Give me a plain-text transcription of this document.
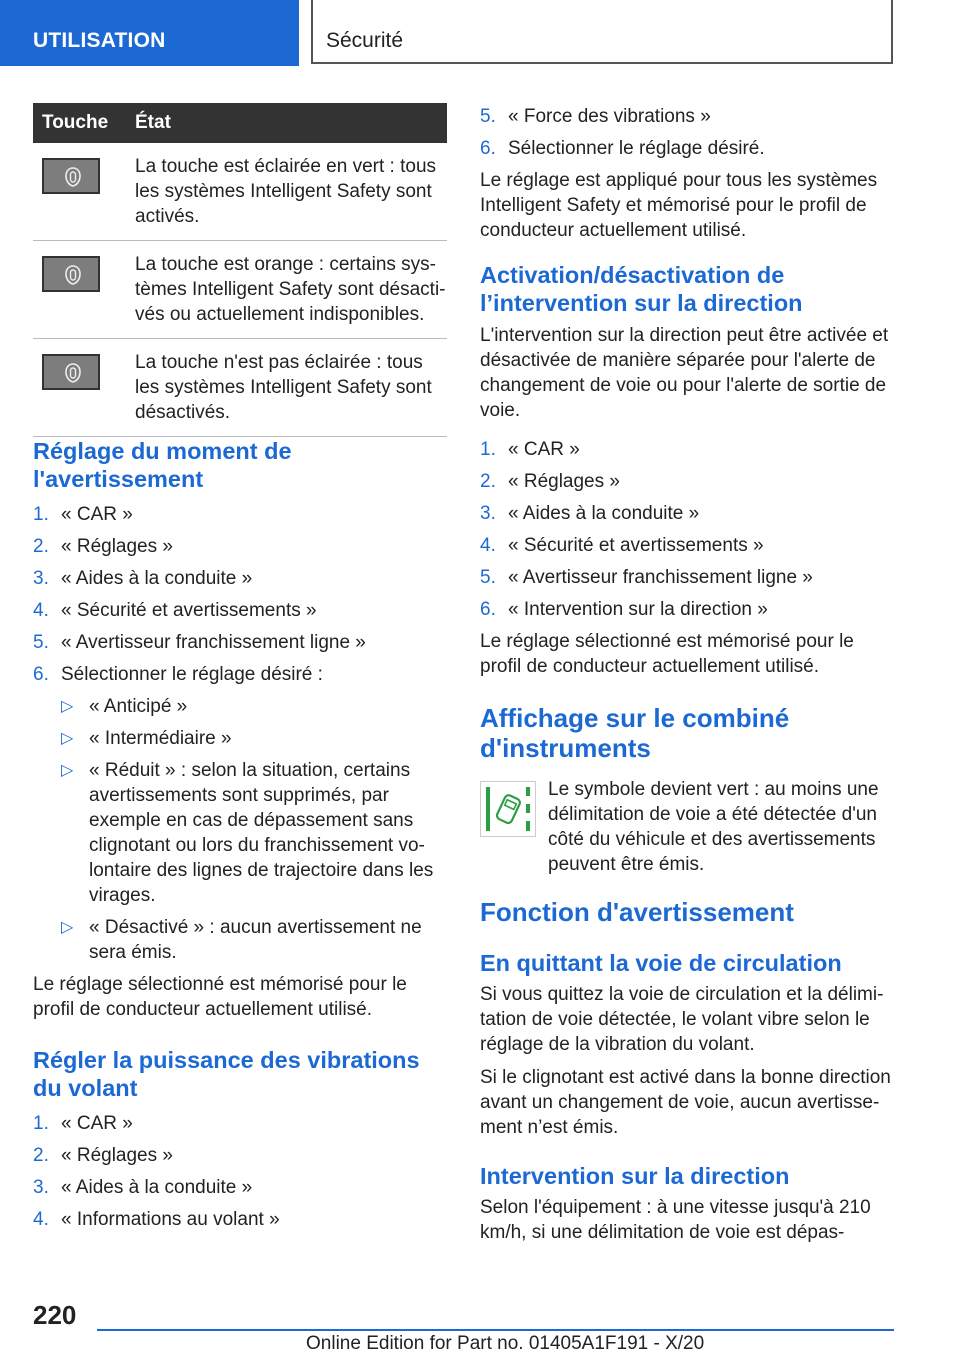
UTILISATION	Sécurité
Touche	État

	La touche est éclairée en vert : tous les systèmes Intelligent Safety sont activés.

	La touche est orange : certains systèmes Intelligent Safety sont désactivés ou actuellement indisponibles.

	La touche n'est pas éclairée : tous les systèmes Intelligent Safety sont désactivés.
Réglage du moment de l'avertissement
1. « CAR »
2. « Réglages »
3. « Aides à la conduite »
4. « Sécurité et avertissements »
5. « Avertisseur franchissement ligne »
6. Sélectionner le réglage désiré :
▷ « Anticipé »
▷ « Intermédiaire »
▷ « Réduit » : selon la situation, certains avertissements sont supprimés, par exemple en cas de dépassement sans clignotant ou lors du franchissement volontaire des lignes de trajectoire dans les virages.
▷ « Désactivé » : aucun avertissement ne sera émis.

Le réglage sélectionné est mémorisé pour le profil de conducteur actuellement utilisé.

Régler la puissance des vibrations du volant
1. « CAR »
2. « Réglages »
3. « Aides à la conduite »
4. « Informations au volant »
5. « Force des vibrations »
6. Sélectionner le réglage désiré.

Le réglage est appliqué pour tous les systèmes Intelligent Safety et mémorisé pour le profil de conducteur actuellement utilisé.

Activation/désactivation de l’intervention sur la direction

L'intervention sur la direction peut être activée et désactivée de manière séparée pour l'alerte de changement de voie ou pour l'alerte de sortie de voie.

1. « CAR »
2. « Réglages »
3. « Aides à la conduite »
4. « Sécurité et avertissements »
5. « Avertisseur franchissement ligne »
6. « Intervention sur la direction »

Le réglage sélectionné est mémorisé pour le profil de conducteur actuellement utilisé.

Affichage sur le combiné d'instruments

Le symbole devient vert : au moins une délimitation de voie a été détectée d'un côté du véhicule et des avertissements peuvent être émis.

Fonction d'avertissement
En quittant la voie de circulation

Si vous quittez la voie de circulation et la délimitation de voie détectée, le volant vibre selon le réglage de la vibration du volant.

Si le clignotant est activé dans la bonne direction avant un changement de voie, aucun avertissement n’est émis.

Intervention sur la direction

Selon l'équipement : à une vitesse jusqu'à 210 km/h, si une délimitation de voie est dépas-

220
Online Edition for Part no. 01405A1F191 - X/20
